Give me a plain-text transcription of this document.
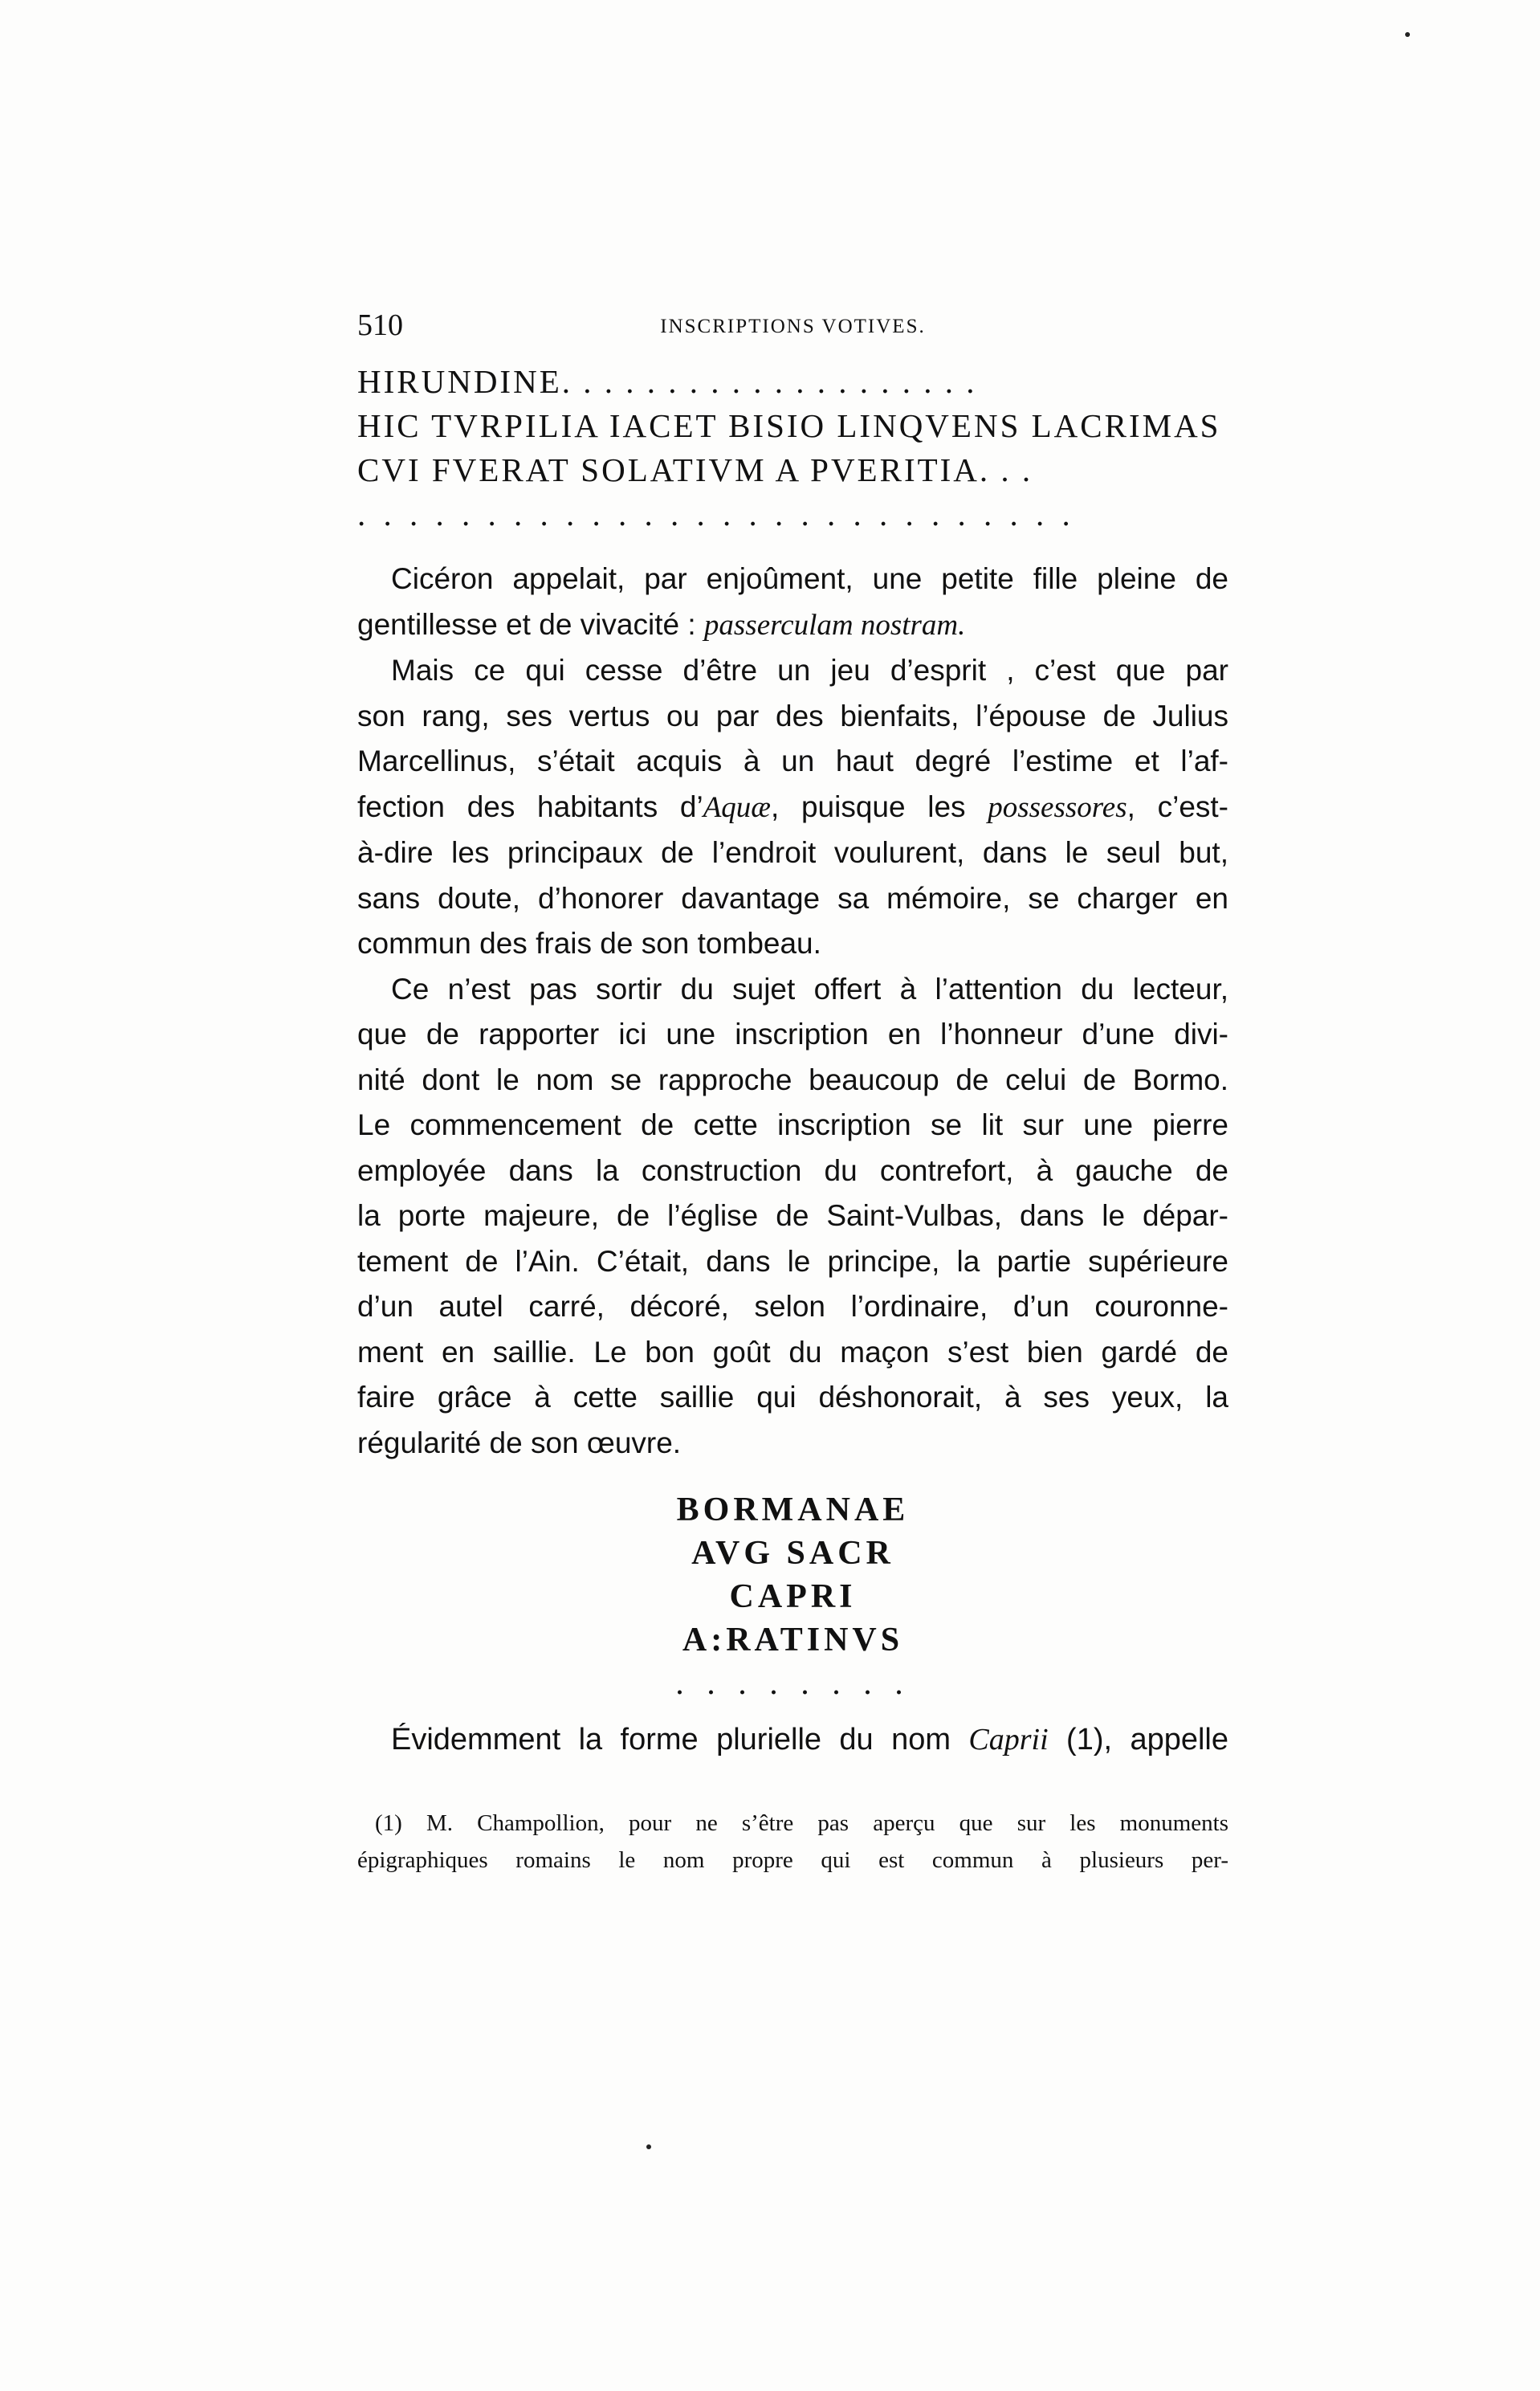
510	INSCRIPTIONS VOTIVES.
HIRUNDINE. . . . . . . . . . . . . . . . . . . .
HIC TVRPILIA IACET BISIO LINQVENS LACRIMAS
CVI FVERAT SOLATIVM A PVERITIA. . .
. . . . . . . . . . . . . . . . . . . . . . . . . . . .

Cicéron appelait, par enjoûment, une petite fille pleine de
gentillesse et de vivacité : passerculam nostram.

Mais ce qui cesse d’être un jeu d’esprit , c’est que par
son rang, ses vertus ou par des bienfaits, l’épouse de Julius
Marcellinus, s’était acquis à un haut degré l’estime et l’af-
fection des habitants d’Aquæ, puisque les possessores, c’est-
à-dire les principaux de l’endroit voulurent, dans le seul but,
sans doute, d’honorer davantage sa mémoire, se charger en
commun des frais de son tombeau.

Ce n’est pas sortir du sujet offert à l’attention du lecteur,
que de rapporter ici une inscription en l’honneur d’une divi-
nité dont le nom se rapproche beaucoup de celui de Bormo.
Le commencement de cette inscription se lit sur une pierre
employée dans la construction du contrefort, à gauche de
la porte majeure, de l’église de Saint-Vulbas, dans le dépar-
tement de l’Ain. C’était, dans le principe, la partie supérieure
d’un autel carré, décoré, selon l’ordinaire, d’un couronne-
ment en saillie. Le bon goût du maçon s’est bien gardé de
faire grâce à cette saillie qui déshonorait, à ses yeux, la
régularité de son œuvre.

BORMANAE
AVG SACR
CAPRI
A:RATINVS
. . . . . . . .
Évidemment la forme plurielle du nom Caprii (1), appelle
(1) M. Champollion, pour ne s’être pas aperçu que sur les monuments
épigraphiques romains le nom propre qui est commun à plusieurs per-
